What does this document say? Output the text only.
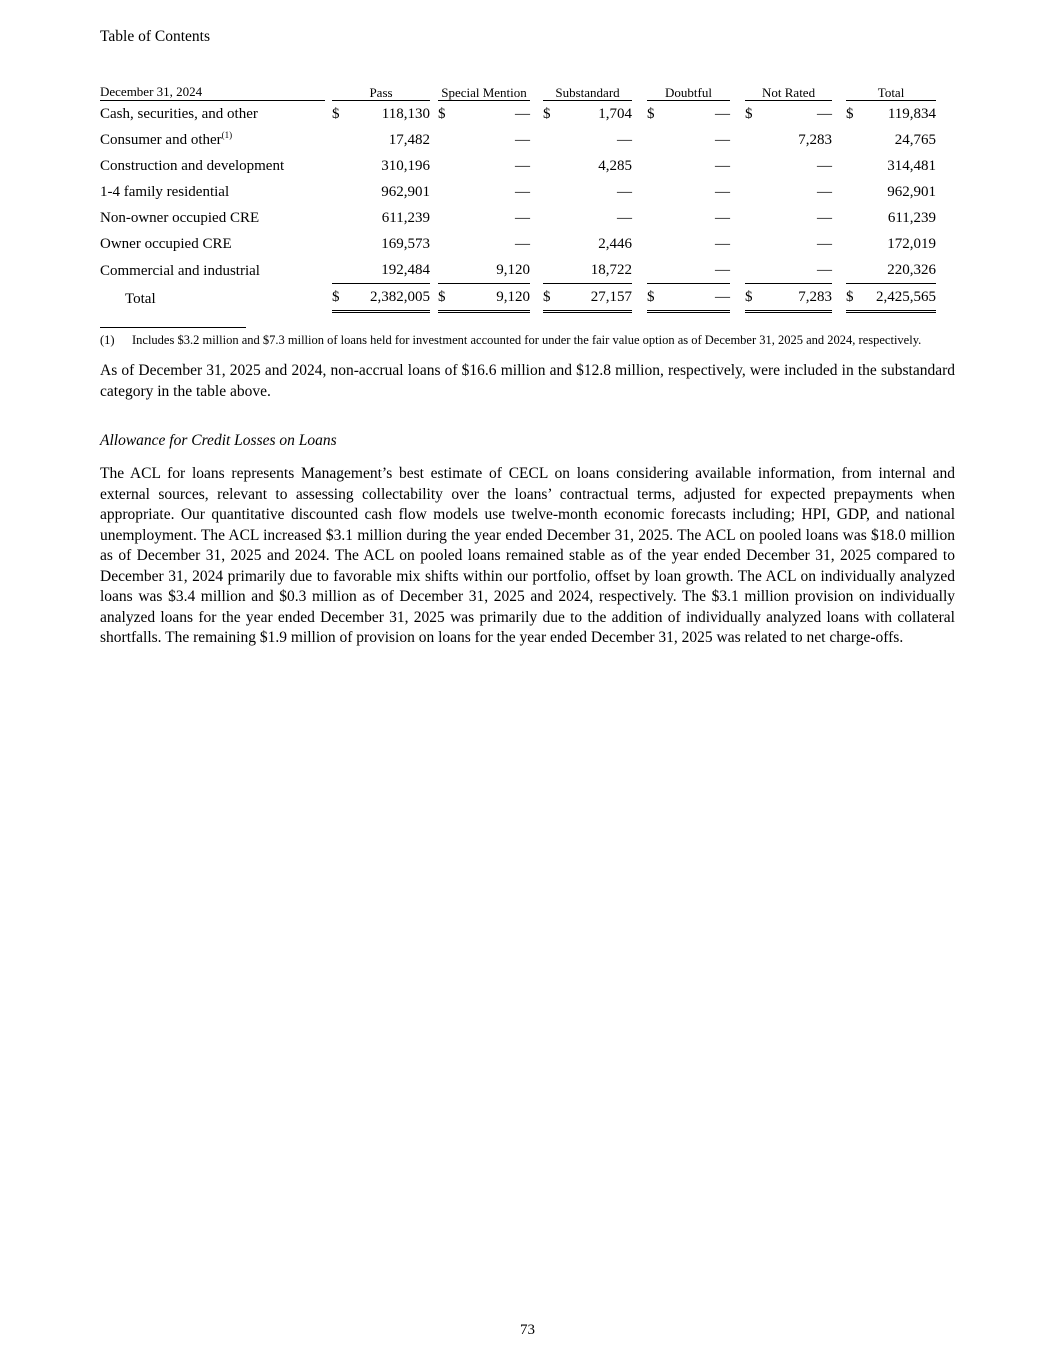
Table of Contents
December 31, 2024		Pass			Special Mention			Substandard			Doubtful			Not Rated			Total	
Cash, securities, and other		$	118,130		$	—		$	1,704		$	—		$	—		$	119,834
Consumer and other$^{(1)}$			17,482			—			—			—			7,283			24,765
Construction and development			310,196			—			4,285			—			—			314,481
1-4 family residential			962,901			—			—			—			—			962,901
Non-owner occupied CRE			611,239			—			—			—			—			611,239
Owner occupied CRE			169,573			—			2,446			—			—			172,019
Commercial and industrial			192,484			9,120			18,722			—			—			220,326
Total		$	2,382,005		$	9,120		$	27,157		$	—		$	7,283		$	2,425,565
(1)	Includes $3.2 million and $7.3 million of loans held for investment accounted for under the fair value option as of December 31, 2025 and 2024, respectively.

As of December 31, 2025 and 2024, non-accrual loans of $16.6 million and $12.8 million, respectively, were included in the substandard category in the table above.

Allowance for Credit Losses on Loans

The ACL for loans represents Management’s best estimate of CECL on loans considering available information, from internal and external sources, relevant to assessing collectability over the loans’ contractual terms, adjusted for expected prepayments when appropriate. Our quantitative discounted cash flow models use twelve-month economic forecasts including; HPI, GDP, and national unemployment. The ACL increased $3.1 million during the year ended December 31, 2025. The ACL on pooled loans was $18.0 million as of December 31, 2025 and 2024. The ACL on pooled loans remained stable as of the year ended December 31, 2025 compared to December 31, 2024 primarily due to favorable mix shifts within our portfolio, offset by loan growth. The ACL on individually analyzed loans was $3.4 million and $0.3 million as of December 31, 2025 and 2024, respectively. The $3.1 million provision on individually analyzed loans for the year ended December 31, 2025 was primarily due to the addition of individually analyzed loans with collateral shortfalls. The remaining $1.9 million of provision on loans for the year ended December 31, 2025 was related to net charge-offs.

73
